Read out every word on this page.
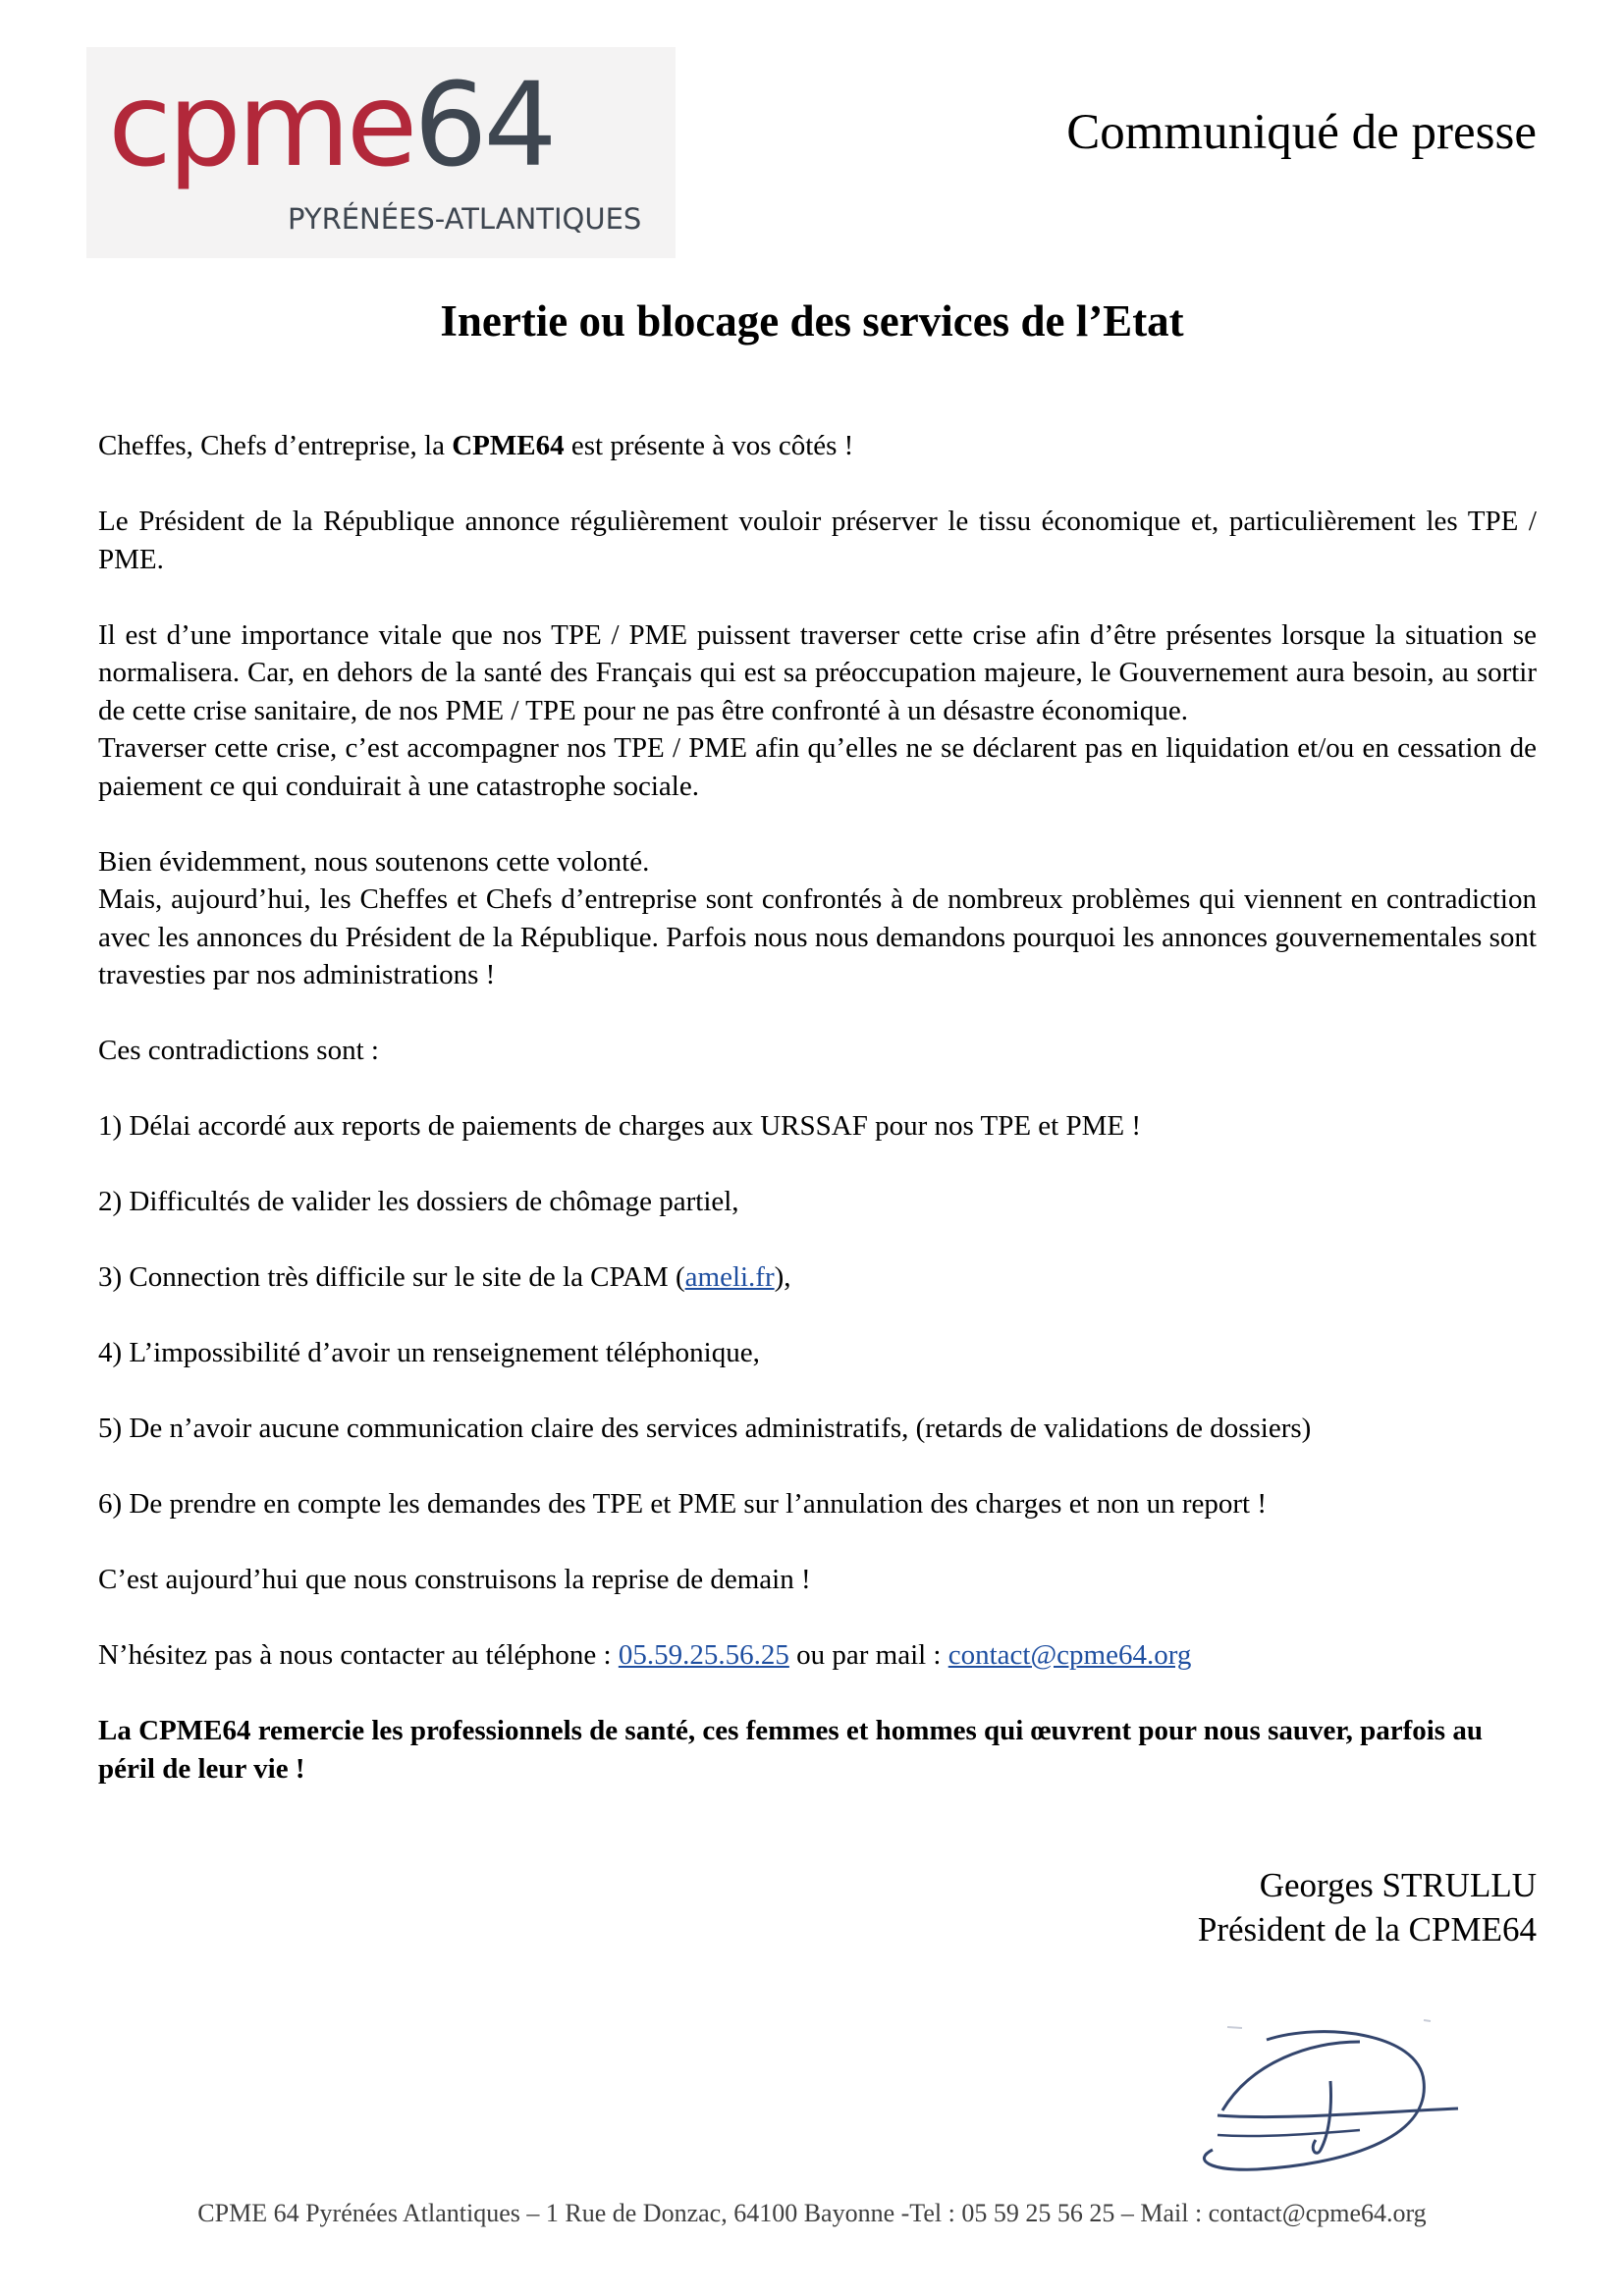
cpme64
PYRÉNÉES-ATLANTIQUES
Communiqué de presse
Inertie ou blocage des services de l’Etat

Cheffes, Chefs d’entreprise, la CPME64 est présente à vos côtés !

Le Président de la République annonce régulièrement vouloir préserver le tissu économique et, particulièrement les TPE / PME.

Il est d’une importance vitale que nos TPE / PME puissent traverser cette crise afin d’être présentes lorsque la situation se normalisera. Car, en dehors de la santé des Français qui est sa préoccupation majeure, le Gouvernement aura besoin, au sortir de cette crise sanitaire, de nos PME / TPE pour ne pas être confronté à un désastre économique.

Traverser cette crise, c’est accompagner nos TPE / PME afin qu’elles ne se déclarent pas en liquidation et/ou en cessation de paiement ce qui conduirait à une catastrophe sociale.

Bien évidemment, nous soutenons cette volonté.

Mais, aujourd’hui, les Cheffes et Chefs d’entreprise sont confrontés à de nombreux problèmes qui viennent en contradiction avec les annonces du Président de la République. Parfois nous nous demandons pourquoi les annonces gouvernementales sont travesties par nos administrations !

Ces contradictions sont :

1) Délai accordé aux reports de paiements de charges aux URSSAF pour nos TPE et PME !

2) Difficultés de valider les dossiers de chômage partiel,

3) Connection très difficile sur le site de la CPAM (ameli.fr),

4) L’impossibilité d’avoir un renseignement téléphonique,

5) De n’avoir aucune communication claire des services administratifs, (retards de validations de dossiers)

6) De prendre en compte les demandes des TPE et PME sur l’annulation des charges et non un report !

C’est aujourd’hui que nous construisons la reprise de demain !

N’hésitez pas à nous contacter au téléphone : 05.59.25.56.25 ou par mail : contact@cpme64.org

La CPME64 remercie les professionnels de santé, ces femmes et hommes qui œuvrent pour nous sauver, parfois au péril de leur vie !

Georges STRULLU
Président de la CPME64
CPME 64 Pyrénées Atlantiques – 1 Rue de Donzac, 64100 Bayonne -Tel : 05 59 25 56 25 – Mail : contact@cpme64.org
